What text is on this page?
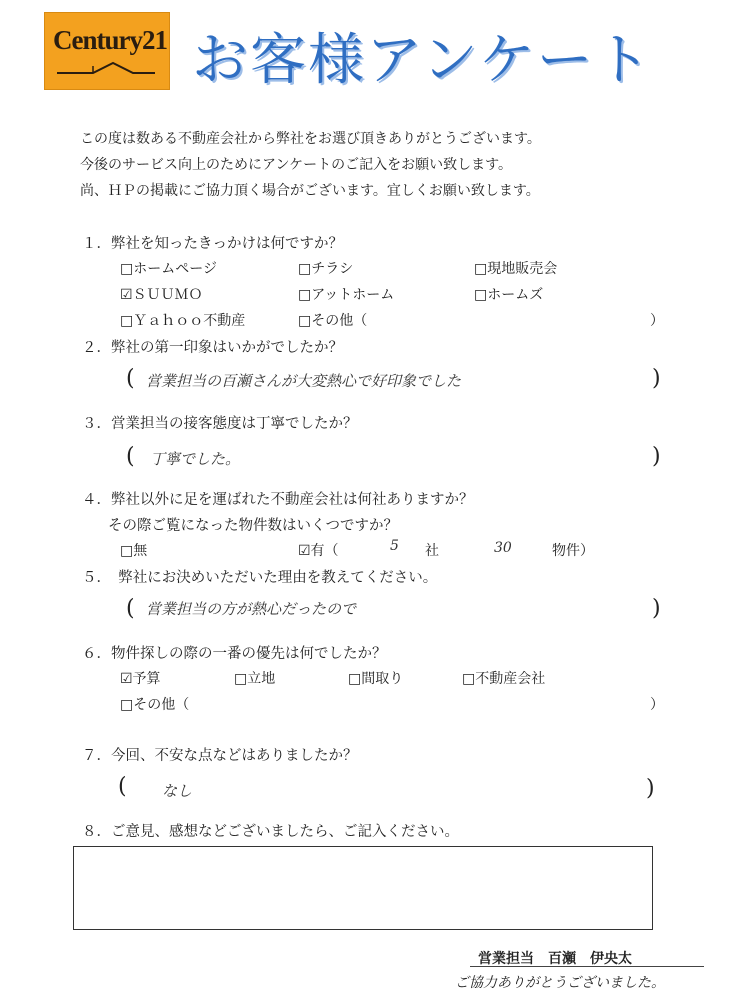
Century21 お客様アンケート
この度は数ある不動産会社から弊社をお選び頂きありがとうございます。
今後のサービス向上のためにアンケートのご記入をお願い致します。
尚、ＨＰの掲載にご協力頂く場合がございます。宜しくお願い致します。
１．弊社を知ったきっかけは何ですか？
□ホームページ	□チラシ	□現地販売会
☑ＳＵＵＭＯ	□アットホーム	□ホームズ
□Ｙａｈｏｏ不動産	□その他（	）
２．弊社の第一印象はいかがでしたか？
( 営業担当の百瀬さんが大変熱心で好印象でした	)
３．営業担当の接客態度は丁寧でしたか？
( 丁寧でした。	)
４．弊社以外に足を運ばれた不動産会社は何社ありますか？
その際ご覧になった物件数はいくつですか？
□無	☑有（	5 社	30	物件）
５．　弊社にお決めいただいた理由を教えてください。
( 営業担当の方が熱心だったので	)
６．物件探しの際の一番の優先は何でしたか？
☑予算	□立地	□間取り	□不動産会社
□その他（	）
７．今回、不安な点などはありましたか？
( なし	)
８．ご意見、感想などございましたら、ご記入ください。
営業担当　百瀬　伊央太
ご協力ありがとうございました。
